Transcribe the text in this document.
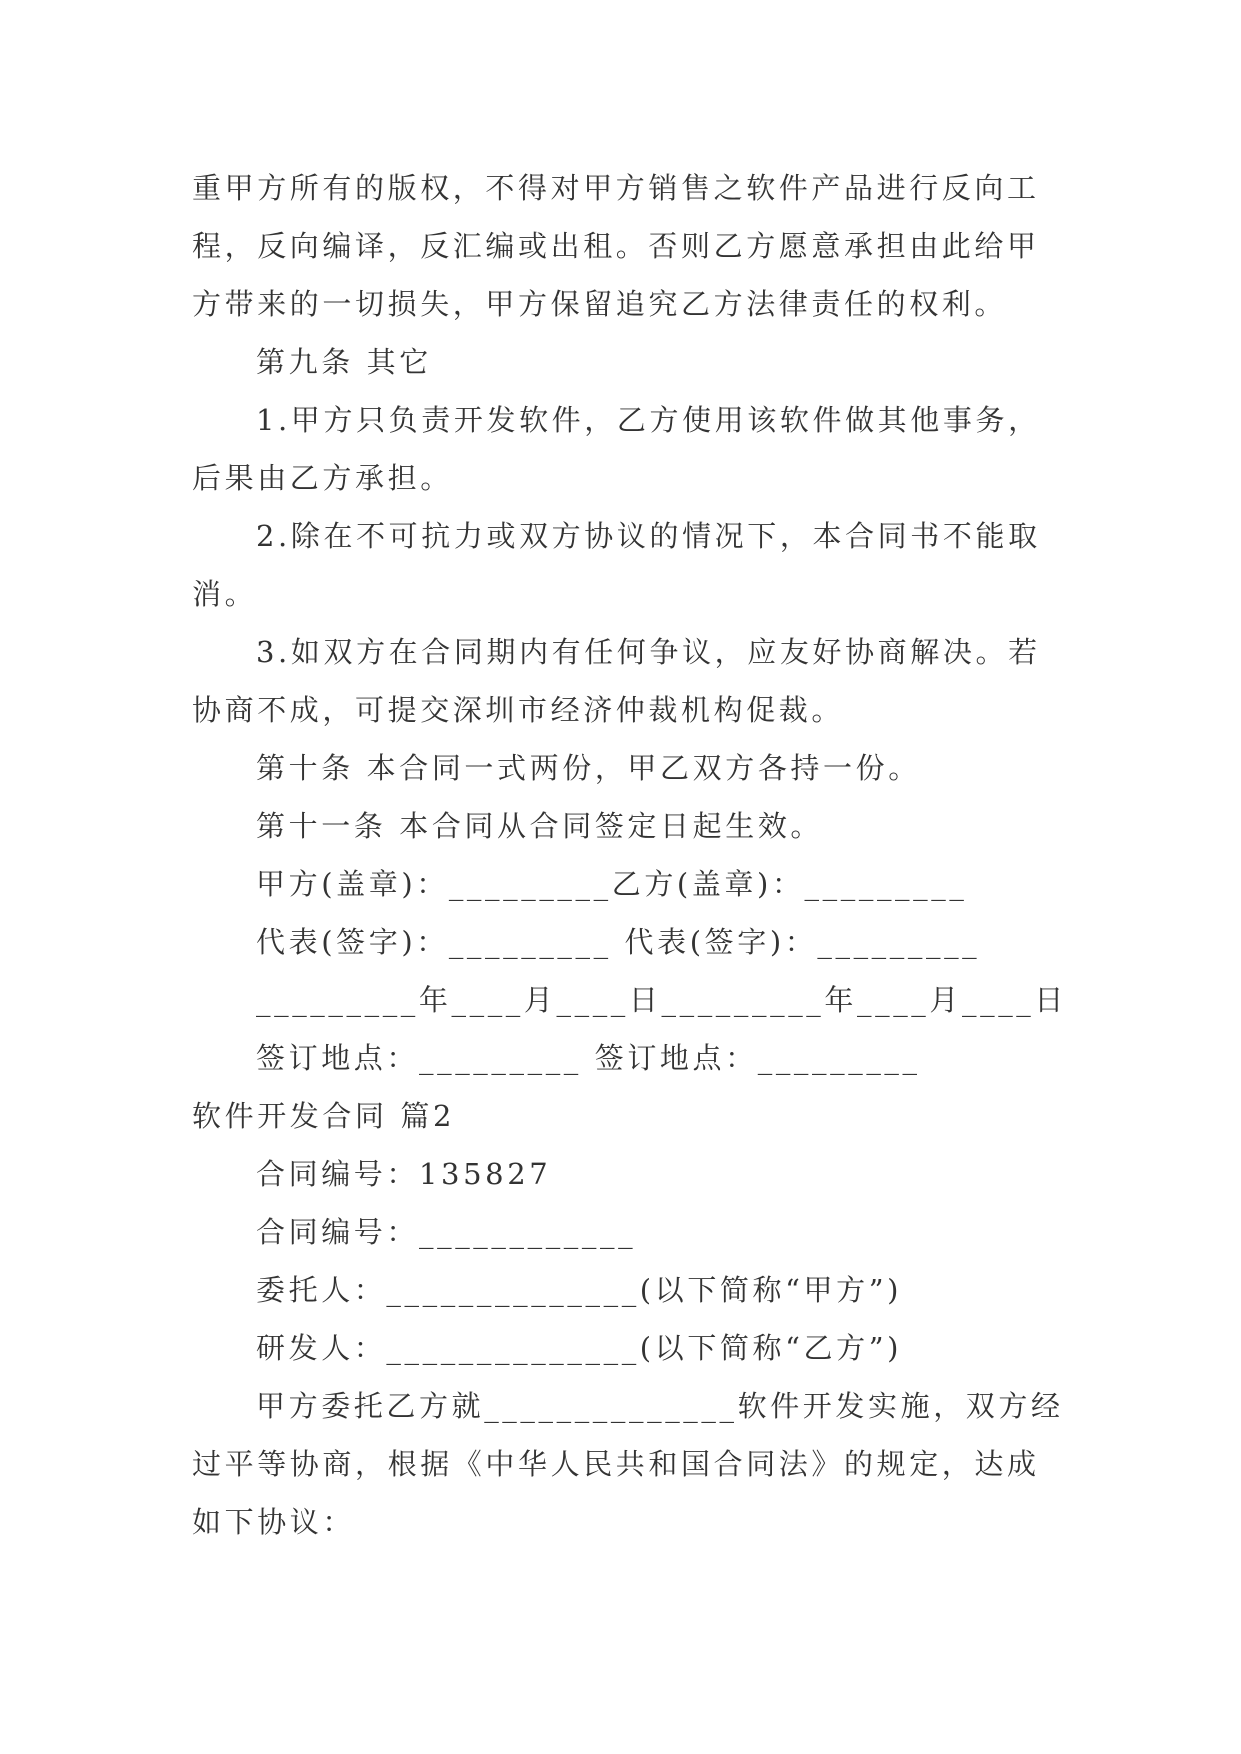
重甲方所有的版权，不得对甲方销售之软件产品进行反向工

程，反向编译，反汇编或出租。否则乙方愿意承担由此给甲

方带来的一切损失，甲方保留追究乙方法律责任的权利。

第九条 其它

1.甲方只负责开发软件，乙方使用该软件做其他事务，

后果由乙方承担。

2.除在不可抗力或双方协议的情况下，本合同书不能取

消。

3.如双方在合同期内有任何争议，应友好协商解决。若

协商不成，可提交深圳市经济仲裁机构促裁。

第十条 本合同一式两份，甲乙双方各持一份。

第十一条 本合同从合同签定日起生效。

甲方(盖章)：_________乙方(盖章)：_________

代表(签字)：_________ 代表(签字)：_________

_________年____月____日_________年____月____日

签订地点：_________ 签订地点：_________

软件开发合同 篇2

合同编号：135827

合同编号：____________

委托人：______________(以下简称“甲方”)

研发人：______________(以下简称“乙方”)

甲方委托乙方就______________软件开发实施，双方经

过平等协商，根据《中华人民共和国合同法》的规定，达成

如下协议：
